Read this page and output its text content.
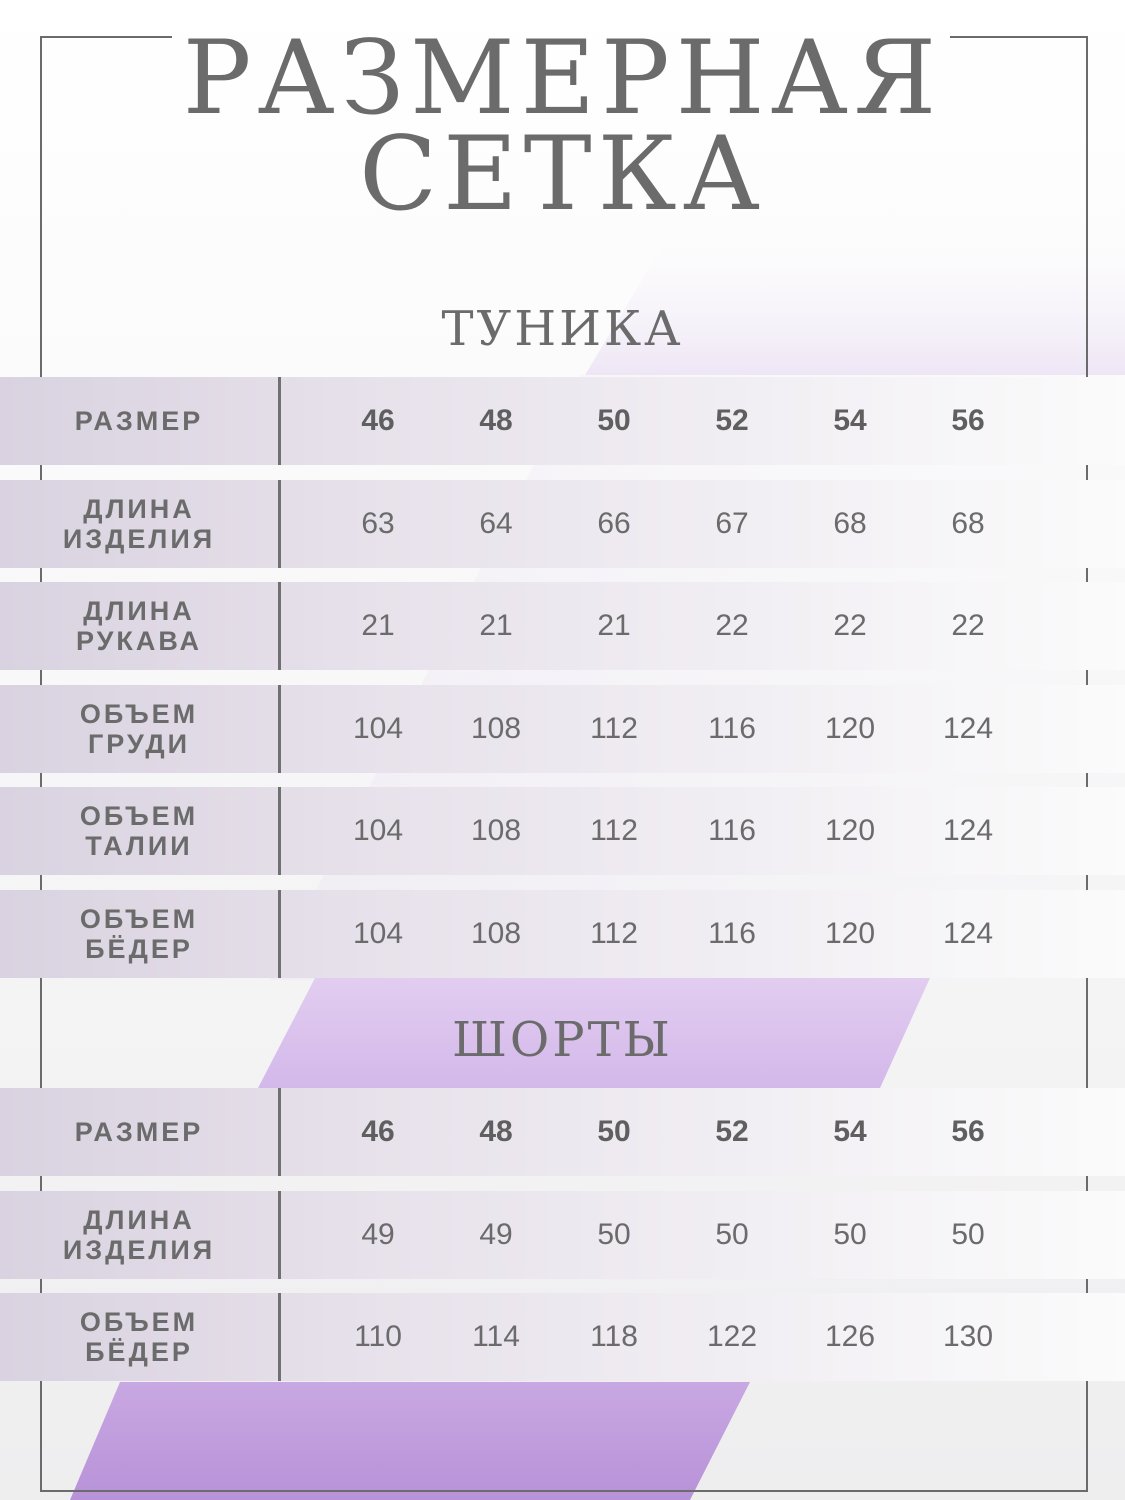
РАЗМЕРНАЯ
СЕТКА
ТУНИКА
РАЗМЕР	46	48	50	52	54	56
ДЛИНА
ИЗДЕЛИЯ	63	64	66	67	68	68
ДЛИНА
РУКАВА	21	21	21	22	22	22
ОБЪЕМ
ГРУДИ	104	108	112	116	120	124
ОБЪЕМ
ТАЛИИ	104	108	112	116	120	124
ОБЪЕМ
БЁДЕР	104	108	112	116	120	124
ШОРТЫ
РАЗМЕР	46	48	50	52	54	56
ДЛИНА
ИЗДЕЛИЯ	49	49	50	50	50	50
ОБЪЕМ
БЁДЕР	110	114	118	122	126	130
